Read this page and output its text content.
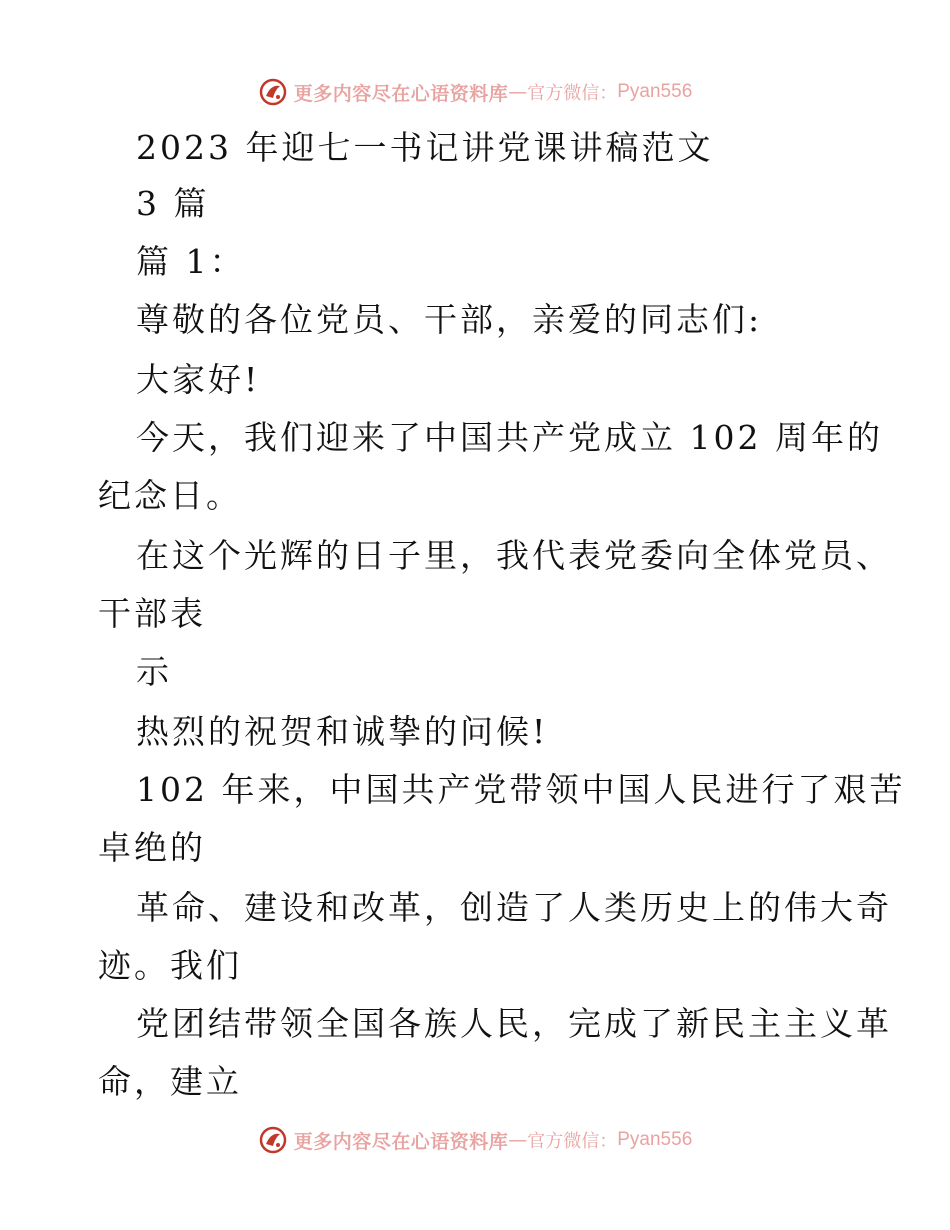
更多内容尽在心语资料库 — 官方微信： Pyan556
2023 年迎七一书记讲党课讲稿范文
3 篇
篇 1：
尊敬的各位党员、干部，亲爱的同志们:
大家好!
今天，我们迎来了中国共产党成立 102 周年的
纪念日。
在这个光辉的日子里，我代表党委向全体党员、
干部表
示
热烈的祝贺和诚挚的问候!
102 年来，中国共产党带领中国人民进行了艰苦
卓绝的
革命、建设和改革，创造了人类历史上的伟大奇
迹。我们
党团结带领全国各族人民，完成了新民主主义革
命，建立
更多内容尽在心语资料库 — 官方微信： Pyan556
